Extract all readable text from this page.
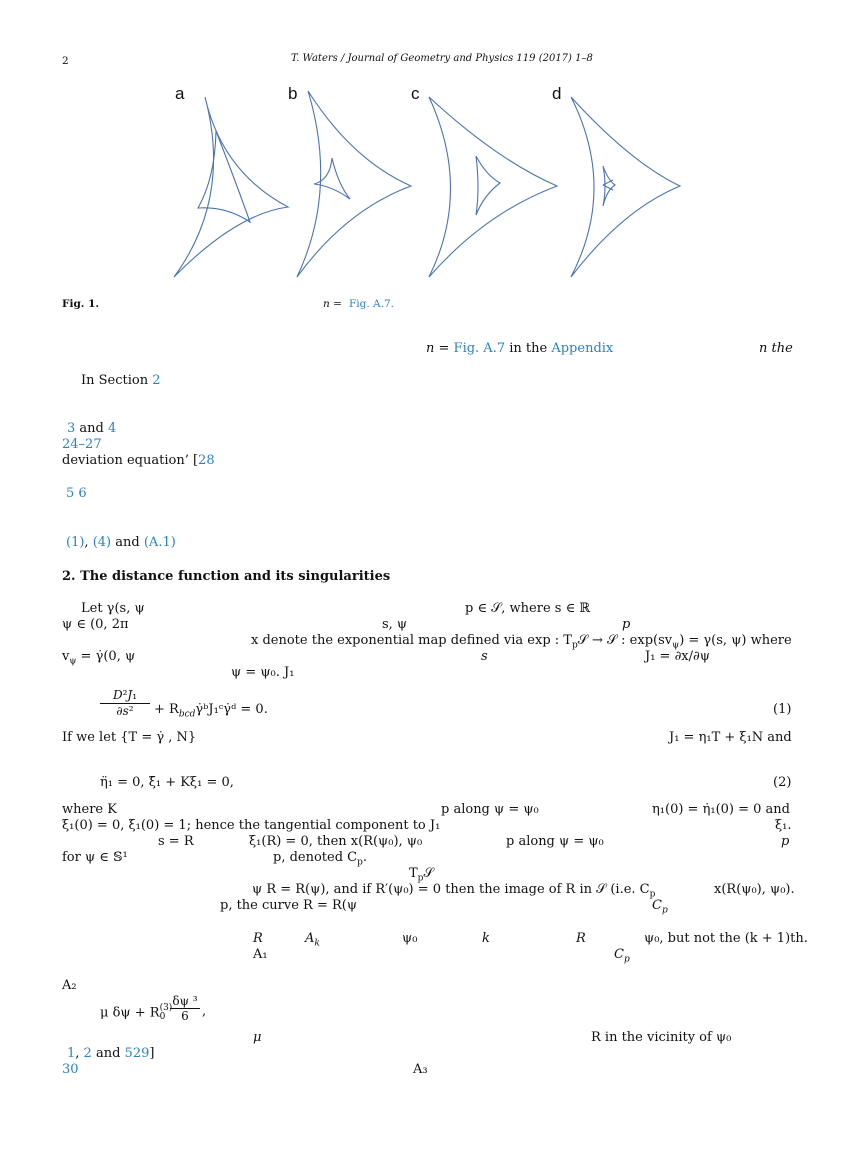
2	T. Waters / Journal of Geometry and Physics 119 (2017) 1–8
a	b	c	d
Fig. 1.	n = Fig. A.7.
n = Fig. A.7 in the Appendix	n the
In Section 2
3 and 4
24–27
deviation equation’ [28
5 6
(1), (4) and (A.1)
2. The distance function and its singularities
Let γ(s, ψ	p ∈ 𝒮, where s ∈ ℝ
ψ ∈ (0, 2π	s, ψ	p
x denote the exponential map defined via exp : $T_p𝒮$ → 𝒮 : $\exp(sv_\psi) = \gamma(s$, ψ) where
$v_\psi$ = γ̇(0, ψ	s	J₁ = ∂x/∂ψ
ψ = ψ₀. J₁
D²J₁
∂s²	+ $R_{bcd}\gammȧᵇJ_1ᶜ\gammȧᵈ = 0$.	(1)
If we let {T = γ̇ , N}	J₁ = η₁T + ξ₁N and
η̈₁ = 0, ξ̈₁ + Kξ₁ = 0,	(2)
where K	p along ψ = ψ₀	η₁(0) = η̇₁(0) = 0 and
ξ₁(0) = 0, ξ̇₁(0) = 1; hence the tangential component to J₁	ξ₁.
s = R	ξ₁(R) = 0, then x(R(ψ₀), ψ₀	p along ψ = ψ₀	p
for ψ ∈ 𝕊¹	p, denoted $C_p$.
$T_p𝒮$
ψ R = R(ψ), and if R′(ψ₀) = 0 then the image of R in 𝒮 (i.e. $C_p$	x(R(ψ₀), ψ₀).
p, the curve R = R(ψ	$C_p$
R	$A_k$	ψ₀	k	R	ψ₀, but not the (k + 1)th.
A₁	$C_p$
A₂
μ δψ + R (3)
$0 \frac{\text{δψ ³}}{6}$ ,
μ	R in the vicinity of ψ₀
1, 2 and 529]
30	A₃
